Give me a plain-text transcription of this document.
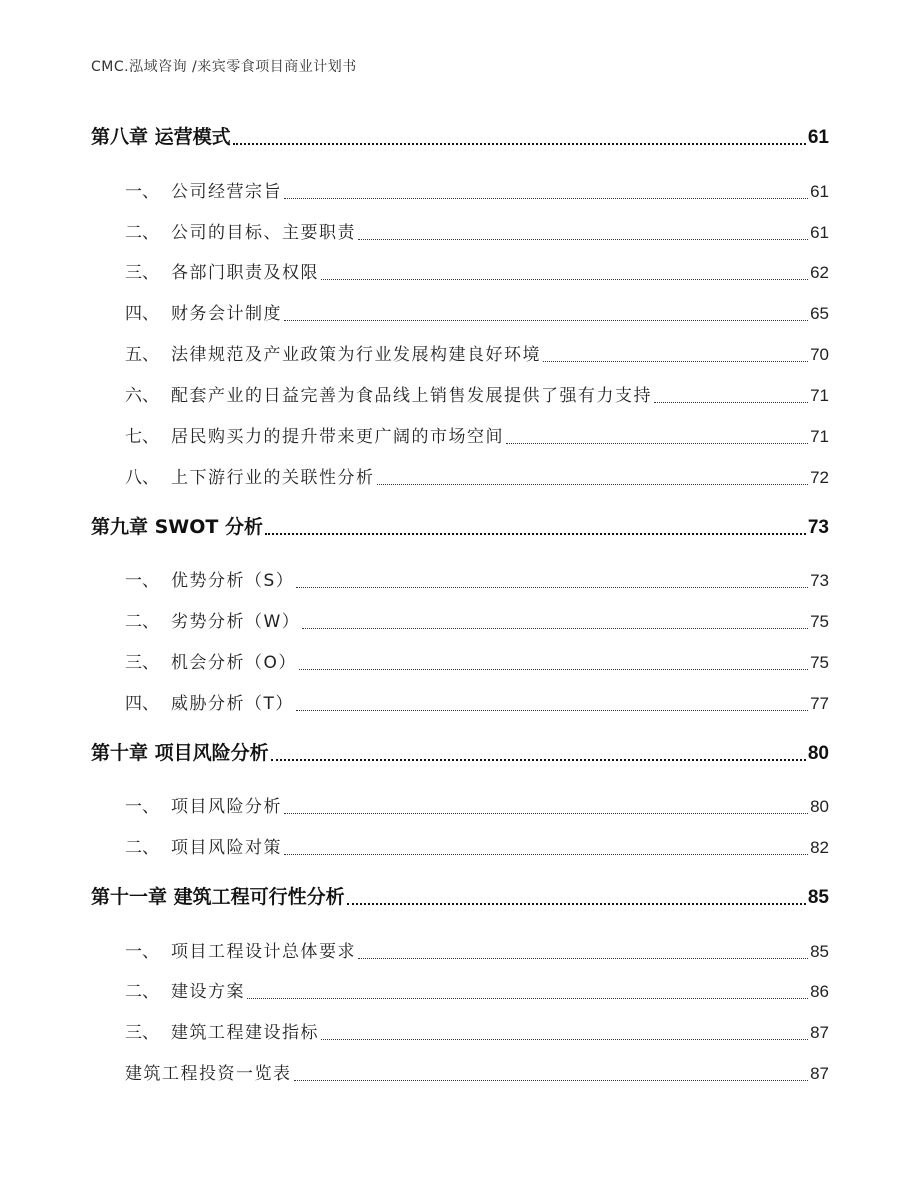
CMC.泓域咨询 /来宾零食项目商业计划书
第八章 运营模式	61
一、 公司经营宗旨	61
二、 公司的目标、主要职责	61
三、 各部门职责及权限	62
四、 财务会计制度	65
五、 法律规范及产业政策为行业发展构建良好环境	70
六、 配套产业的日益完善为食品线上销售发展提供了强有力支持	71
七、 居民购买力的提升带来更广阔的市场空间	71
八、 上下游行业的关联性分析	72
第九章 SWOT 分析	73
一、 优势分析（S）	73
二、 劣势分析（W）	75
三、 机会分析（O）	75
四、 威胁分析（T）	77
第十章 项目风险分析	80
一、 项目风险分析	80
二、 项目风险对策	82
第十一章 建筑工程可行性分析	85
一、 项目工程设计总体要求	85
二、 建设方案	86
三、 建筑工程建设指标	87
建筑工程投资一览表	87
